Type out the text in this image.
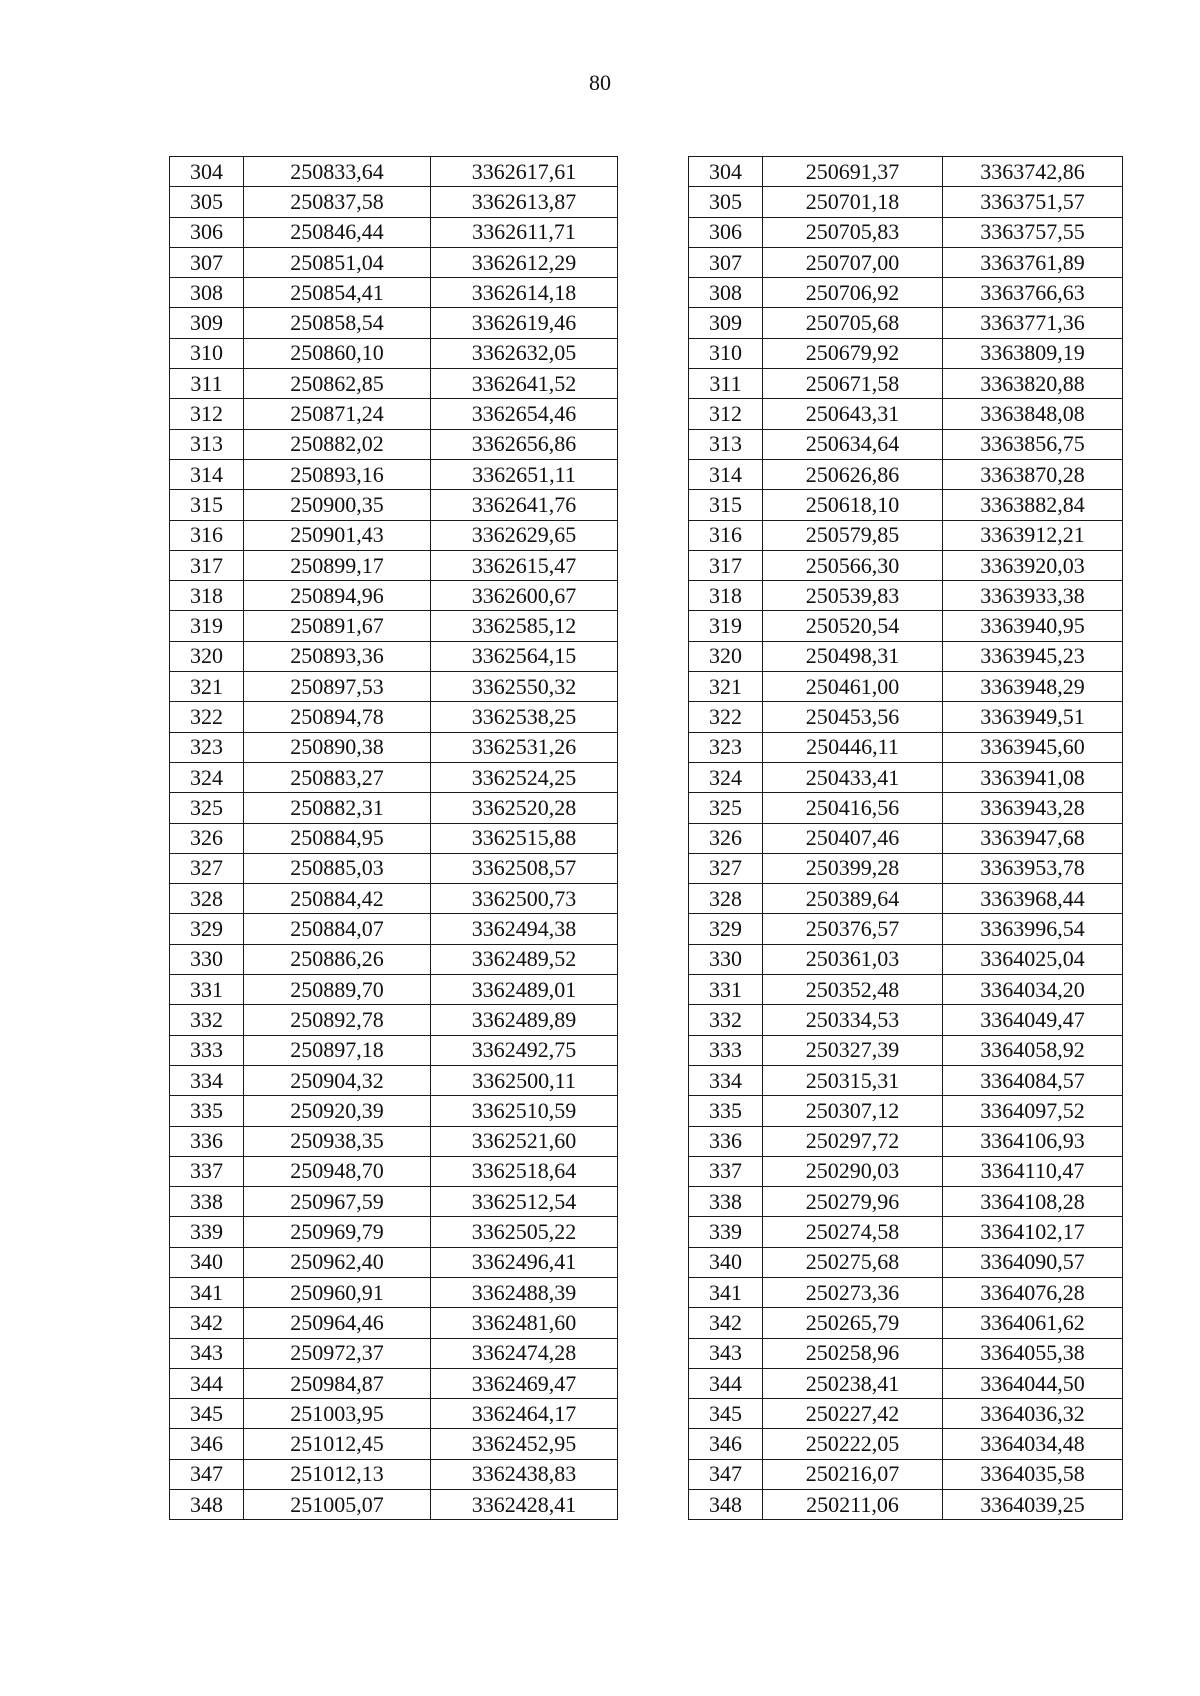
80
304	250833,64	3362617,61
305	250837,58	3362613,87
306	250846,44	3362611,71
307	250851,04	3362612,29
308	250854,41	3362614,18
309	250858,54	3362619,46
310	250860,10	3362632,05
311	250862,85	3362641,52
312	250871,24	3362654,46
313	250882,02	3362656,86
314	250893,16	3362651,11
315	250900,35	3362641,76
316	250901,43	3362629,65
317	250899,17	3362615,47
318	250894,96	3362600,67
319	250891,67	3362585,12
320	250893,36	3362564,15
321	250897,53	3362550,32
322	250894,78	3362538,25
323	250890,38	3362531,26
324	250883,27	3362524,25
325	250882,31	3362520,28
326	250884,95	3362515,88
327	250885,03	3362508,57
328	250884,42	3362500,73
329	250884,07	3362494,38
330	250886,26	3362489,52
331	250889,70	3362489,01
332	250892,78	3362489,89
333	250897,18	3362492,75
334	250904,32	3362500,11
335	250920,39	3362510,59
336	250938,35	3362521,60
337	250948,70	3362518,64
338	250967,59	3362512,54
339	250969,79	3362505,22
340	250962,40	3362496,41
341	250960,91	3362488,39
342	250964,46	3362481,60
343	250972,37	3362474,28
344	250984,87	3362469,47
345	251003,95	3362464,17
346	251012,45	3362452,95
347	251012,13	3362438,83
348	251005,07	3362428,41
304	250691,37	3363742,86
305	250701,18	3363751,57
306	250705,83	3363757,55
307	250707,00	3363761,89
308	250706,92	3363766,63
309	250705,68	3363771,36
310	250679,92	3363809,19
311	250671,58	3363820,88
312	250643,31	3363848,08
313	250634,64	3363856,75
314	250626,86	3363870,28
315	250618,10	3363882,84
316	250579,85	3363912,21
317	250566,30	3363920,03
318	250539,83	3363933,38
319	250520,54	3363940,95
320	250498,31	3363945,23
321	250461,00	3363948,29
322	250453,56	3363949,51
323	250446,11	3363945,60
324	250433,41	3363941,08
325	250416,56	3363943,28
326	250407,46	3363947,68
327	250399,28	3363953,78
328	250389,64	3363968,44
329	250376,57	3363996,54
330	250361,03	3364025,04
331	250352,48	3364034,20
332	250334,53	3364049,47
333	250327,39	3364058,92
334	250315,31	3364084,57
335	250307,12	3364097,52
336	250297,72	3364106,93
337	250290,03	3364110,47
338	250279,96	3364108,28
339	250274,58	3364102,17
340	250275,68	3364090,57
341	250273,36	3364076,28
342	250265,79	3364061,62
343	250258,96	3364055,38
344	250238,41	3364044,50
345	250227,42	3364036,32
346	250222,05	3364034,48
347	250216,07	3364035,58
348	250211,06	3364039,25
